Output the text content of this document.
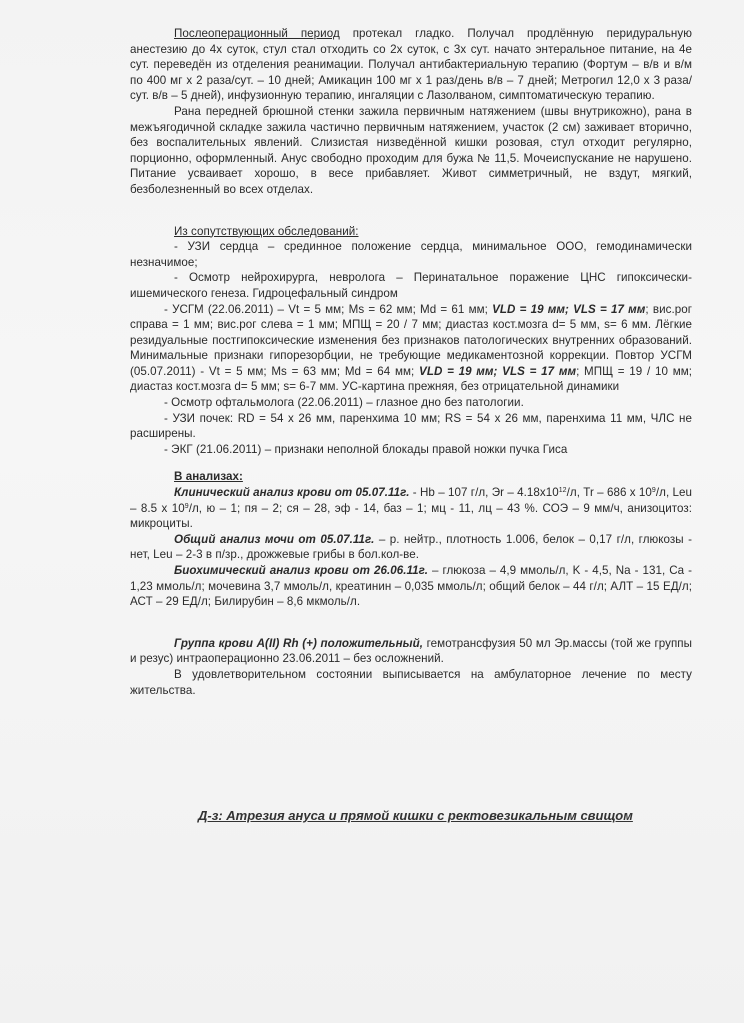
Послеоперационный период протекал гладко. Получал продлённую перидуральную анестезию до 4х суток, стул стал отходить со 2х суток, с 3х сут. начато энтеральное питание, на 4е сут. переведён из отделения реанимации. Получал антибактериальную терапию (Фортум – в/в и в/м по 400 мг х 2 раза/сут. – 10 дней; Амикацин 100 мг х 1 раз/день в/в – 7 дней; Метрогил 12,0 х 3 раза/сут. в/в – 5 дней), инфузионную терапию, ингаляции с Лазолваном, симптоматическую терапию.

Рана передней брюшной стенки зажила первичным натяжением (швы внутрикожно), рана в межъягодичной складке зажила частично первичным натяжением, участок (2 см) заживает вторично, без воспалительных явлений. Слизистая низведённой кишки розовая, стул отходит регулярно, порционно, оформленный. Анус свободно проходим для бужа № 11,5. Мочеиспускание не нарушено. Питание усваивает хорошо, в весе прибавляет. Живот симметричный, не вздут, мягкий, безболезненный во всех отделах.

Из сопутствующих обследований:

- УЗИ сердца – срединное положение сердца, минимальное ООО, гемодинамически незначимое;

- Осмотр нейрохирурга, невролога – Перинатальное поражение ЦНС гипоксически-ишемического генеза. Гидроцефальный синдром

- УСГМ (22.06.2011) – Vt = 5 мм; Ms = 62 мм; Md = 61 мм; VLD = 19 мм; VLS = 17 мм; вис.рог справа = 1 мм; вис.рог слева = 1 мм; МПЩ = 20 / 7 мм; диастаз кост.мозга d= 5 мм, s= 6 мм. Лёгкие резидуальные постгипоксические изменения без признаков патологических внутренних образований. Минимальные признаки гипорезорбции, не требующие медикаментозной коррекции. Повтор УСГМ (05.07.2011) - Vt = 5 мм; Ms = 63 мм; Md = 64 мм; VLD = 19 мм; VLS = 17 мм; МПЩ = 19 / 10 мм; диастаз кост.мозга d= 5 мм; s= 6-7 мм. УС-картина прежняя, без отрицательной динамики

- Осмотр офтальмолога (22.06.2011) – глазное дно без патологии.

- УЗИ почек: RD = 54 x 26 мм, паренхима 10 мм; RS = 54 x 26 мм, паренхима 11 мм, ЧЛС не расширены.

- ЭКГ (21.06.2011) – признаки неполной блокады правой ножки пучка Гиса

В анализах:

Клинический анализ крови от 05.07.11г. - Hb – 107 г/л, Эr – $4.18х10^{12}/л$, Tr – 686 х $10^9/л$, Leu – 8.5 х $10^9/л$, ю – 1; пя – 2; ся – 28, эф - 14, баз – 1; мц - 11, лц – 43 %. СОЭ – 9 мм/ч, анизоцитоз: микроциты.

Общий анализ мочи от 05.07.11г. – р. нейтр., плотность 1.006, белок – 0,17 г/л, глюкозы - нет, Leu – 2-3 в п/зр., дрожжевые грибы в бол.кол-ве.

Биохимический анализ крови от 26.06.11г. – глюкоза – 4,9 ммоль/л, K - 4,5, Na - 131, Ca - 1,23 ммоль/л; мочевина 3,7 ммоль/л, креатинин – 0,035 ммоль/л; общий белок – 44 г/л; АЛТ – 15 ЕД/л; АСТ – 29 ЕД/л; Билирубин – 8,6 мкмоль/л.

Группа крови A(II) Rh (+) положительный, гемотрансфузия 50 мл Эр.массы (той же группы и резус) интраоперационно 23.06.2011 – без осложнений.

В удовлетворительном состоянии выписывается на амбулаторное лечение по месту жительства.

Д-з: Атрезия ануса и прямой кишки с ректовезикальным свищом
